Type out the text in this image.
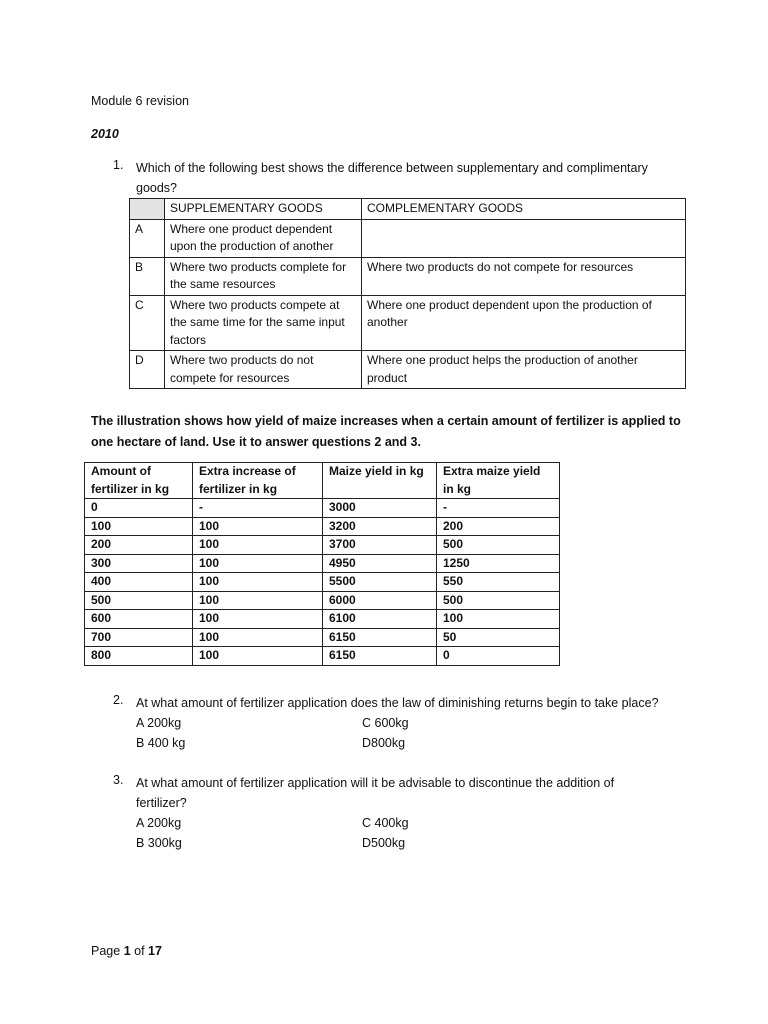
Module 6 revision
2010
1. Which of the following best shows the difference between supplementary and complimentary
goods?
	SUPPLEMENTARY GOODS	COMPLEMENTARY GOODS
A	Where one product dependent upon the production of another	
B	Where two products complete for the same resources	Where two products do not compete for resources
C	Where two products compete at the same time for the same input factors	Where one product dependent upon the production of another
D	Where two products do not compete for resources	Where one product helps the production of another product
The illustration shows how yield of maize increases when a certain amount of fertilizer is applied to one hectare of land. Use it to answer questions 2 and 3.
Amount of fertilizer in kg	Extra increase of fertilizer in kg	Maize yield in kg	Extra maize yield in kg
0	-	3000	-
100	100	3200	200
200	100	3700	500
300	100	4950	1250
400	100	5500	550
500	100	6000	500
600	100	6100	100
700	100	6150	50
800	100	6150	0
2. At what amount of fertilizer application does the law of diminishing returns begin to take place?
A 200kg	C 600kg
B 400 kg	D800kg
3. At what amount of fertilizer application will it be advisable to discontinue the addition of
fertilizer?
A 200kg	C 400kg
B 300kg	D500kg
Page 1 of 17
